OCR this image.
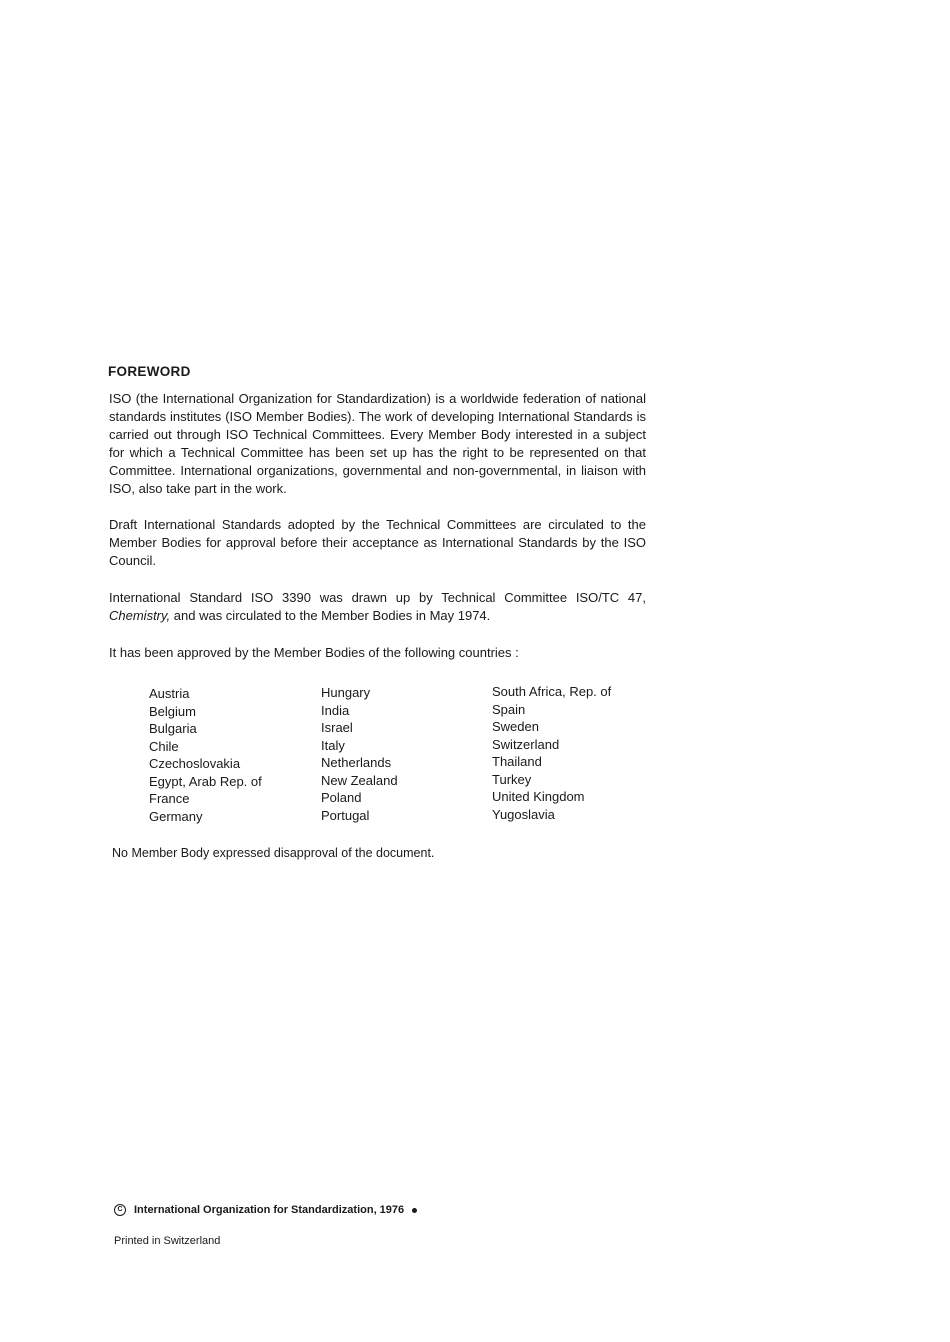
FOREWORD

ISO (the International Organization for Standardization) is a worldwide federation of national standards institutes (ISO Member Bodies). The work of developing International Standards is carried out through ISO Technical Committees. Every Member Body interested in a subject for which a Technical Committee has been set up has the right to be represented on that Committee. International organizations, governmental and non-governmental, in liaison with ISO, also take part in the work.

Draft International Standards adopted by the Technical Committees are circulated to the Member Bodies for approval before their acceptance as International Standards by the ISO Council.

International Standard ISO 3390 was drawn up by Technical Committee ISO/TC 47, Chemistry, and was circulated to the Member Bodies in May 1974.

It has been approved by the Member Bodies of the following countries :

Austria
Belgium
Bulgaria
Chile
Czechoslovakia
Egypt, Arab Rep. of
France
Germany
Hungary
India
Israel
Italy
Netherlands
New Zealand
Poland
Portugal
South Africa, Rep. of
Spain
Sweden
Switzerland
Thailand
Turkey
United Kingdom
Yugoslavia

No Member Body expressed disapproval of the document.

C	International Organization for Standardization, 1976
Printed in Switzerland
